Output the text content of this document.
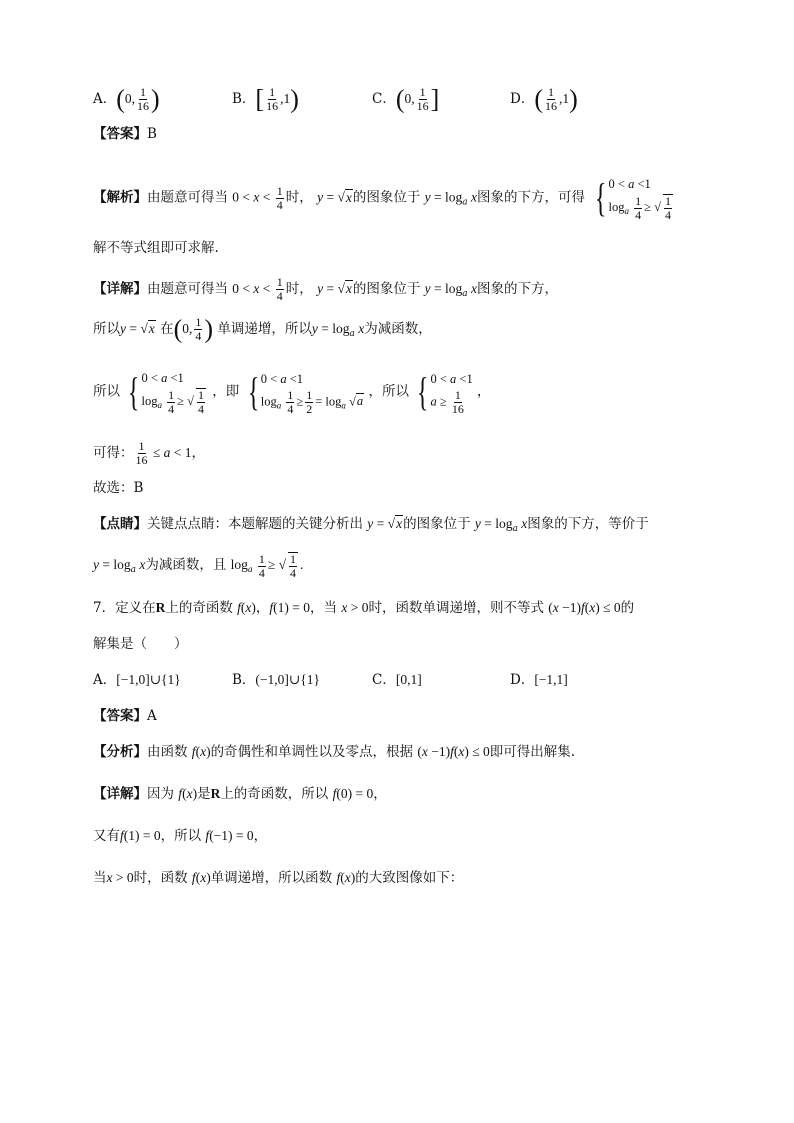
A．(0, $\frac{1}{16}$ )	B．[ $\frac{1}{16} ,1$)	C．(0, $\frac{1}{16}$ ]	D．( $\frac{1}{16} ,1$)
【答案】B
【解析】由题意可得当 $0 < x < \frac{1}{4}$ 时， y = √x的图象位于 $y = \log_a x$图象的下方，可得 { 0 < a <1
$\log_a \frac{1}{4}$ ≥ √ $\frac{1}{4}$
解不等式组即可求解.
【详解】由题意可得当 $0 < x < \frac{1}{4}$ 时， y = √x的图象位于 $y = \log_a x$图象的下方，
所以y = √x 在(0, $\frac{1}{4}$ ) 单调递增，所以$y = \log_a x$为减函数，
所以 { 0 < a <1
$\log_a \frac{1}{4}$ ≥ √ $\frac{1}{4}$ ，即 { 0 < a <1
$\log_a \frac{1}{4} \ge \frac{1}{2} = \log_a √a$
，所以 { 0 < a <1
$a \ge \frac{1}{16}$ ，
可得： $\frac{1}{16} \le a < 1$，
故选：B
【点睛】关键点点睛：本题解题的关键分析出 y = √x的图象位于 $y = \log_a x$图象的下方，等价于
$y = \log_a x$为减函数，且 $\log_a \frac{1}{4}$ ≥ √ $\frac{1}{4}$ .
7．定义在R上的奇函数 f(x)，f(1) = 0，当 x > 0时，函数单调递增，则不等式 (x −1)f(x) ≤ 0的
解集是（　　）
A．[−1,0]∪{1}	B．(−1,0]∪{1}	C．[0,1]	D．[−1,1]
【答案】A
【分析】由函数 f(x)的奇偶性和单调性以及零点，根据 (x −1)f(x) ≤ 0即可得出解集.
【详解】因为 f(x)是R上的奇函数，所以 f(0) = 0，
又有f(1) = 0，所以 f(−1) = 0，
当x > 0时，函数 f(x)单调递增，所以函数 f(x)的大致图像如下：
